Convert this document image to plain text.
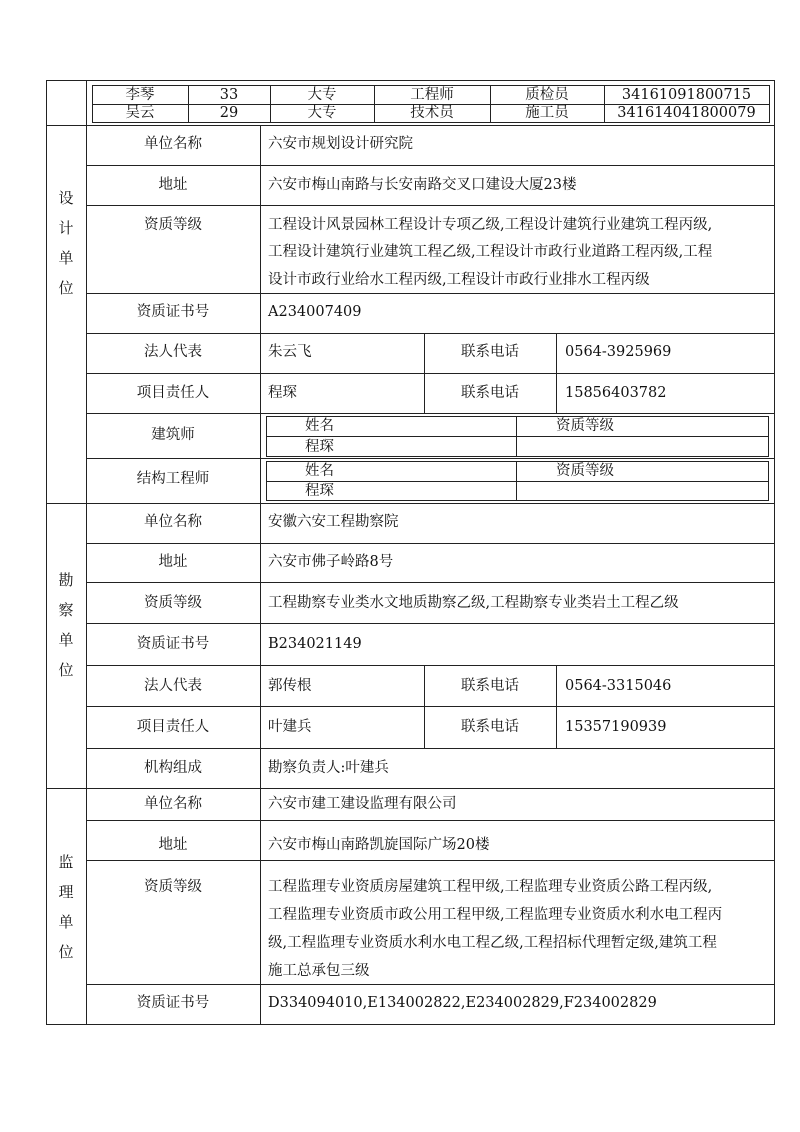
李琴	33	大专	工程师	质检员	34161091800715
吴云	29	大专	技术员	施工员	341614041800079
设
计
单
位
单位名称	六安市规划设计研究院
地址	六安市梅山南路与长安南路交叉口建设大厦23楼
资质等级	工程设计风景园林工程设计专项乙级,工程设计建筑行业建筑工程丙级,
工程设计建筑行业建筑工程乙级,工程设计市政行业道路工程丙级,工程
设计市政行业给水工程丙级,工程设计市政行业排水工程丙级
资质证书号	A234007409
法人代表	朱云飞	联系电话	0564-3925969
项目责任人	程琛	联系电话	15856403782
建筑师
姓名	资质等级
程琛
结构工程师	姓名	资质等级
程琛
勘
察
单
位
单位名称	安徽六安工程勘察院
地址	六安市佛子岭路8号
资质等级	工程勘察专业类水文地质勘察乙级,工程勘察专业类岩土工程乙级
资质证书号	B234021149
法人代表	郭传根	联系电话	0564-3315046
项目责任人	叶建兵	联系电话	15357190939
机构组成	勘察负责人:叶建兵
监
理
单
位
单位名称	六安市建工建设监理有限公司
地址	六安市梅山南路凯旋国际广场20楼
资质等级	工程监理专业资质房屋建筑工程甲级,工程监理专业资质公路工程丙级,
工程监理专业资质市政公用工程甲级,工程监理专业资质水利水电工程丙
级,工程监理专业资质水利水电工程乙级,工程招标代理暂定级,建筑工程
施工总承包三级
资质证书号	D334094010,E134002822,E234002829,F234002829
